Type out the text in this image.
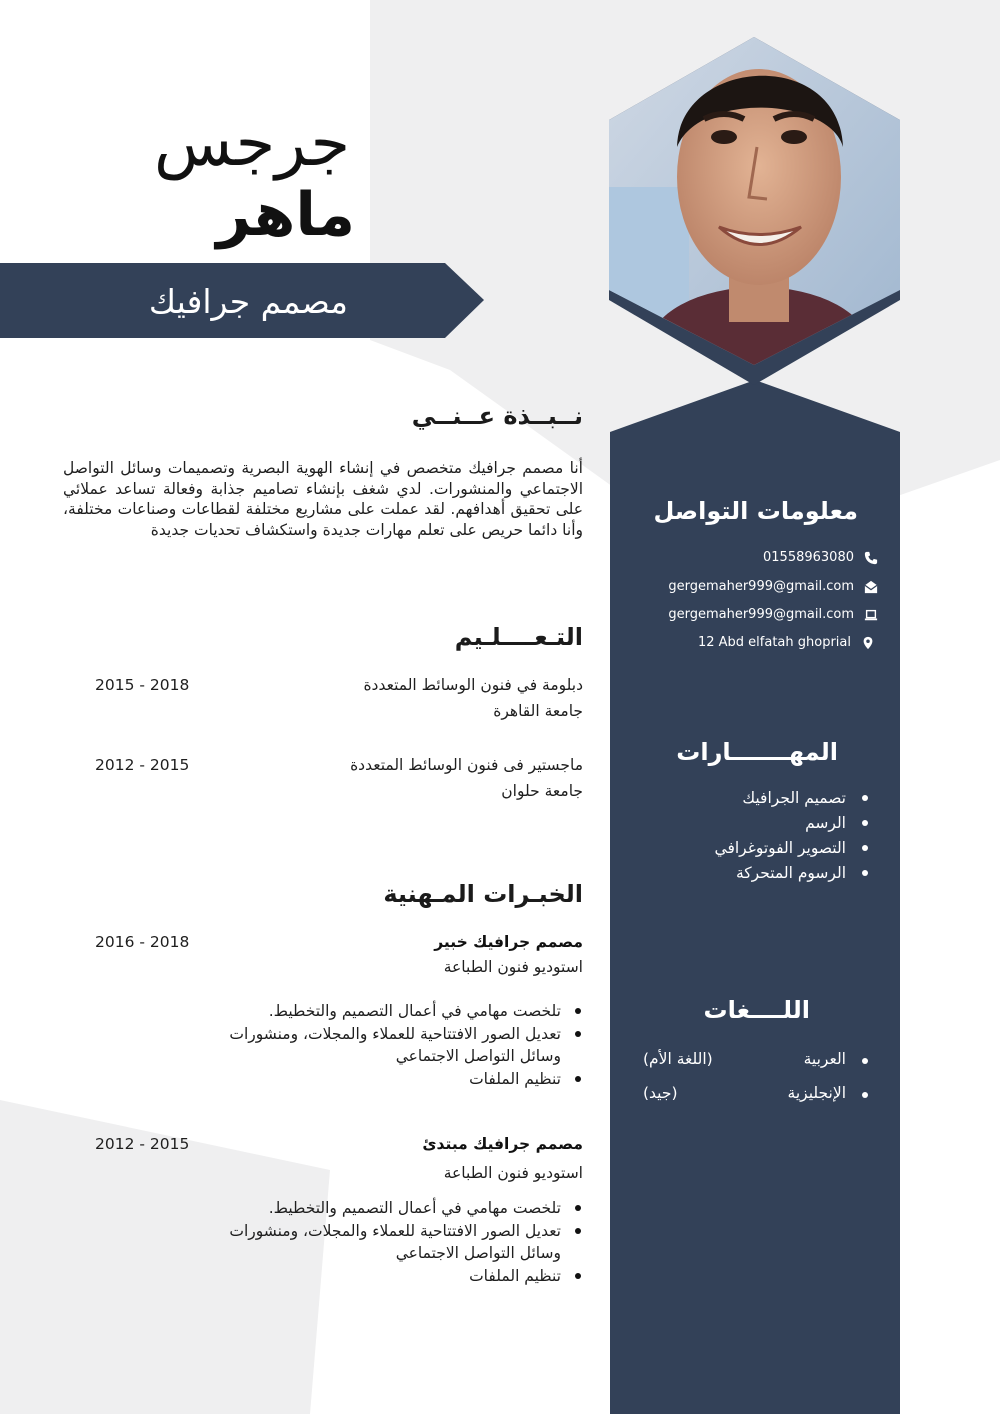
جرجس
ماهر
مصمم جرافيك
نــبــذة عــنــي
أنا مصمم جرافيك متخصص في إنشاء الهوية البصرية وتصميمات وسائل التواصل الاجتماعي والمنشورات. لدي شغف بإنشاء تصاميم جذابة وفعالة تساعد عملائي على تحقيق أهدافهم. لقد عملت على مشاريع مختلفة لقطاعات وصناعات مختلفة، وأنا دائما حريص على تعلم مهارات جديدة واستكشاف تحديات جديدة
التـعــــلـيم
دبلومة في فنون الوسائط المتعددة
جامعة القاهرة
2015 - 2018
ماجستير فى فنون الوسائط المتعددة
جامعة حلوان
2012 - 2015
الخبـرات المـهنية
مصمم جرافيك خبير
استوديو فنون الطباعة
2016 - 2018
تلخصت مهامي في أعمال التصميم والتخطيط.
تعديل الصور الافتتاحية للعملاء والمجلات، ومنشورات وسائل التواصل الاجتماعي
تنظيم الملفات
مصمم جرافيك مبتدئ
استوديو فنون الطباعة
2012 - 2015
تلخصت مهامي في أعمال التصميم والتخطيط.
تعديل الصور الافتتاحية للعملاء والمجلات، ومنشورات وسائل التواصل الاجتماعي
تنظيم الملفات
معلومات التواصل
01558963080
gergemaher999@gmail.com
gergemaher999@gmail.com
12 Abd elfatah ghoprial
المهـــــــارات
تصميم الجرافيك
الرسم
التصوير الفوتوغرافي
الرسوم المتحركة
اللــــغات
العربية
(اللغة الأم)
الإنجليزية
(جيد)
